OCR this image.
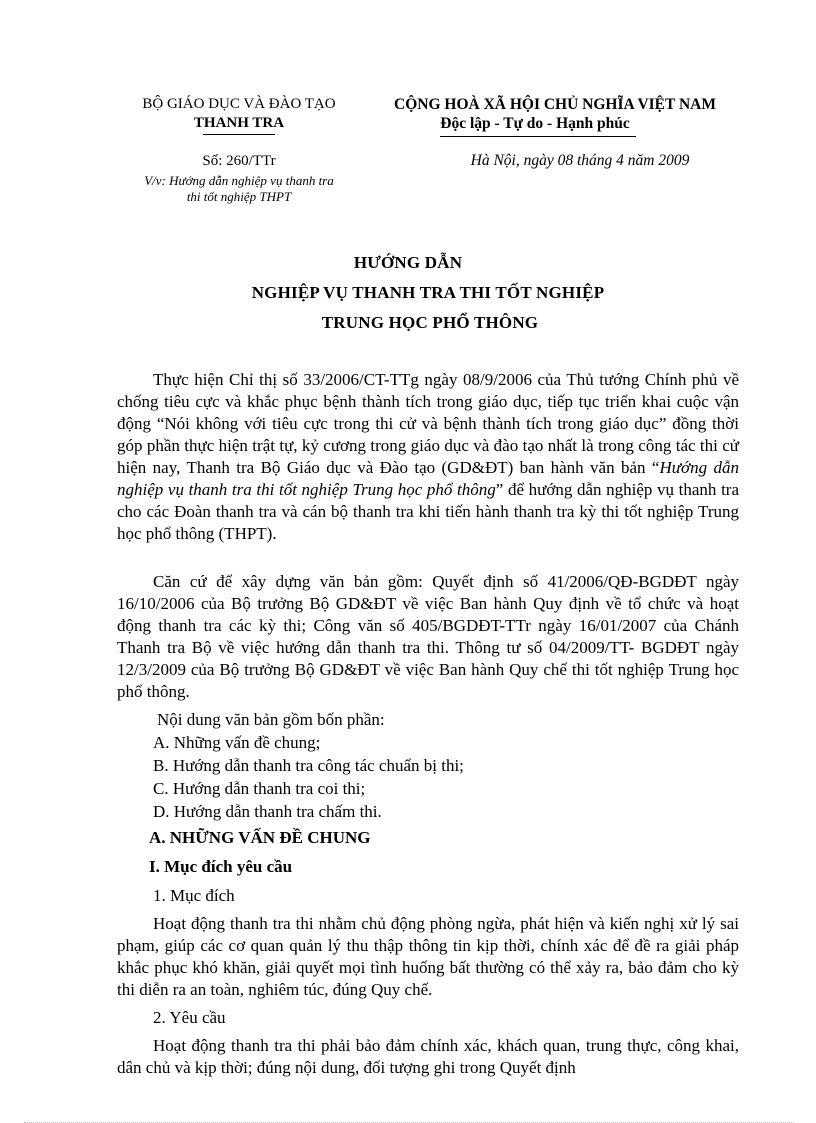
BỘ GIÁO DỤC VÀ ĐÀO TẠO
THANH TRA
Số: 260/TTr
V/v: Hướng dẫn nghiệp vụ thanh tra
thi tốt nghiệp THPT
CỘNG HOÀ XÃ HỘI CHỦ NGHĨA VIỆT NAM
Độc lập - Tự do - Hạnh phúc
Hà Nội, ngày 08 tháng 4 năm 2009
HƯỚNG DẪN
NGHIỆP VỤ THANH TRA THI TỐT NGHIỆP
TRUNG HỌC PHỔ THÔNG
Thực hiện Chỉ thị số 33/2006/CT-TTg ngày 08/9/2006 của Thủ tướng Chính phủ về chống tiêu cực và khắc phục bệnh thành tích trong giáo dục, tiếp tục triển khai cuộc vận động “Nói không với tiêu cực trong thi cử và bệnh thành tích trong giáo dục” đồng thời góp phần thực hiện trật tự, kỷ cương trong giáo dục và đào tạo nhất là trong công tác thi cử hiện nay, Thanh tra Bộ Giáo dục và Đào tạo (GD&ĐT) ban hành văn bản “Hướng dẫn nghiệp vụ thanh tra thi tốt nghiệp Trung học phổ thông” để hướng dẫn nghiệp vụ thanh tra cho các Đoàn thanh tra và cán bộ thanh tra khi tiến hành thanh tra kỳ thi tốt nghiệp Trung học phổ thông (THPT).
Căn cứ để xây dựng văn bản gồm: Quyết định số 41/2006/QĐ-BGDĐT ngày 16/10/2006 của Bộ trưởng Bộ GD&ĐT về việc Ban hành Quy định về tổ chức và hoạt động thanh tra các kỳ thi; Công văn số 405/BGDĐT-TTr ngày 16/01/2007 của Chánh Thanh tra Bộ về việc hướng dẫn thanh tra thi. Thông tư số 04/2009/TT- BGDĐT ngày 12/3/2009 của Bộ trưởng Bộ GD&ĐT về việc Ban hành Quy chế thi tốt nghiệp Trung học phổ thông.
Nội dung văn bản gồm bốn phần:
A. Những vấn đề chung;
B. Hướng dẫn thanh tra công tác chuẩn bị thi;
C. Hướng dẫn thanh tra coi thi;
D. Hướng dẫn thanh tra chấm thi.
A. NHỮNG VẤN ĐỀ CHUNG
I. Mục đích yêu cầu
1. Mục đích
Hoạt động thanh tra thi nhằm chủ động phòng ngừa, phát hiện và kiến nghị xử lý sai phạm, giúp các cơ quan quản lý thu thập thông tin kịp thời, chính xác để đề ra giải pháp khắc phục khó khăn, giải quyết mọi tình huống bất thường có thể xảy ra, bảo đảm cho kỳ thi diễn ra an toàn, nghiêm túc, đúng Quy chế.
2. Yêu cầu
Hoạt động thanh tra thi phải bảo đảm chính xác, khách quan, trung thực, công khai, dân chủ và kịp thời; đúng nội dung, đối tượng ghi trong Quyết định
